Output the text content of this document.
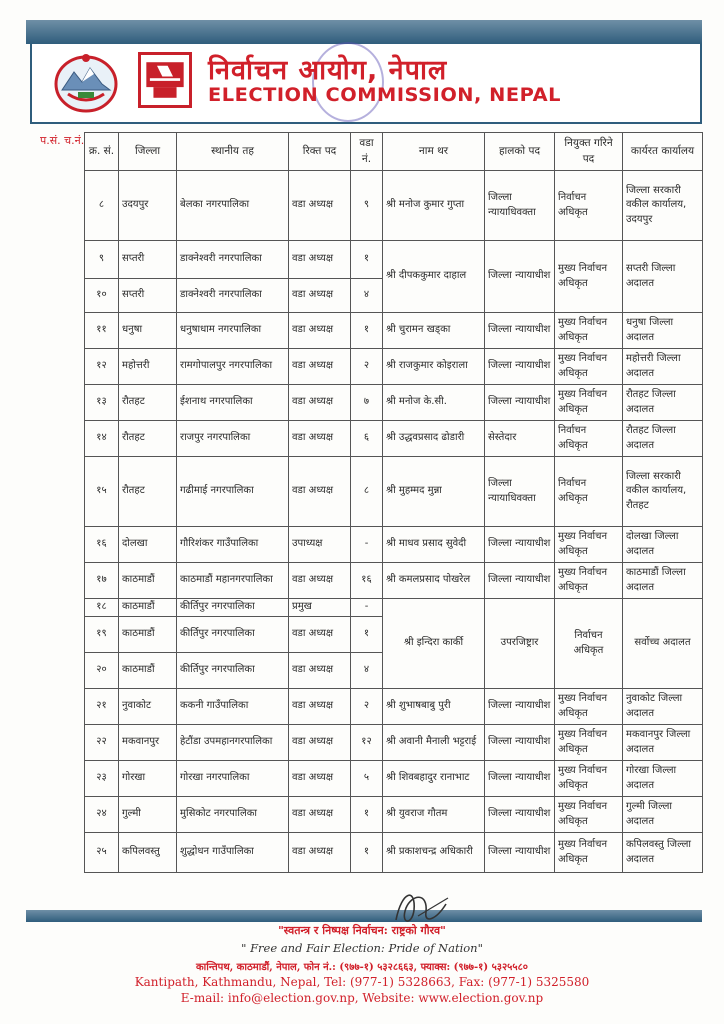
निर्वाचन आयोग, नेपाल
ELECTION COMMISSION, NEPAL
प.सं. च.नं.
क्र. सं.	जिल्ला	स्थानीय तह	रिक्त पद	वडा नं.	नाम थर	हालको पद	नियुक्त गरिने पद	कार्यरत कार्यालय
८	उदयपुर	बेलका नगरपालिका	वडा अध्यक्ष	९	श्री मनोज कुमार गुप्ता	जिल्ला न्यायाधिवक्ता	निर्वाचन अधिकृत	जिल्ला सरकारी वकील कार्यालय, उदयपुर
९	सप्तरी	डाक्नेश्वरी नगरपालिका	वडा अध्यक्ष	१	श्री दीपककुमार दाहाल	जिल्ला न्यायाधीश	मुख्य निर्वाचन अधिकृत	सप्तरी जिल्ला अदालत
१०	सप्तरी	डाक्नेश्वरी नगरपालिका	वडा अध्यक्ष	४				
११	धनुषा	धनुषाधाम नगरपालिका	वडा अध्यक्ष	१	श्री चुरामन खड्का	जिल्ला न्यायाधीश	मुख्य निर्वाचन अधिकृत	धनुषा जिल्ला अदालत
१२	महोत्तरी	रामगोपालपुर नगरपालिका	वडा अध्यक्ष	२	श्री राजकुमार कोइराला	जिल्ला न्यायाधीश	मुख्य निर्वाचन अधिकृत	महोत्तरी जिल्ला अदालत
१३	रौतहट	ईशनाथ नगरपालिका	वडा अध्यक्ष	७	श्री मनोज के.सी.	जिल्ला न्यायाधीश	मुख्य निर्वाचन अधिकृत	रौतहट जिल्ला अदालत
१४	रौतहट	राजपुर नगरपालिका	वडा अध्यक्ष	६	श्री उद्धवप्रसाद ढोडारी	सेस्तेदार	निर्वाचन अधिकृत	रौतहट जिल्ला अदालत
१५	रौतहट	गढीमाई नगरपालिका	वडा अध्यक्ष	८	श्री मुहम्मद मुन्ना	जिल्ला न्यायाधिवक्ता	निर्वाचन अधिकृत	जिल्ला सरकारी वकील कार्यालय, रौतहट
१६	दोलखा	गौरिशंकर गाउँपालिका	उपाध्यक्ष	-	श्री माधव प्रसाद सुवेदी	जिल्ला न्यायाधीश	मुख्य निर्वाचन अधिकृत	दोलखा जिल्ला अदालत
१७	काठमाडौं	काठमाडौं महानगरपालिका	वडा अध्यक्ष	१६	श्री कमलप्रसाद पोखरेल	जिल्ला न्यायाधीश	मुख्य निर्वाचन अधिकृत	काठमाडौं जिल्ला अदालत
१८	काठमाडौं	कीर्तिपुर नगरपालिका	प्रमुख	-	श्री इन्दिरा कार्की	उपरजिष्ट्रार	निर्वाचन अधिकृत	सर्वोच्च अदालत
१९	काठमाडौं	कीर्तिपुर नगरपालिका	वडा अध्यक्ष	१				
२०	काठमाडौं	कीर्तिपुर नगरपालिका	वडा अध्यक्ष	४				
२१	नुवाकोट	ककनी गाउँपालिका	वडा अध्यक्ष	२	श्री शुभाषबाबु पुरी	जिल्ला न्यायाधीश	मुख्य निर्वाचन अधिकृत	नुवाकोट जिल्ला अदालत
२२	मकवानपुर	हेटौंडा उपमहानगरपालिका	वडा अध्यक्ष	१२	श्री अवानी मैनाली भट्टराई	जिल्ला न्यायाधीश	मुख्य निर्वाचन अधिकृत	मकवानपुर जिल्ला अदालत
२३	गोरखा	गोरखा नगरपालिका	वडा अध्यक्ष	५	श्री शिवबहादुर रानाभाट	जिल्ला न्यायाधीश	मुख्य निर्वाचन अधिकृत	गोरखा जिल्ला अदालत
२४	गुल्मी	मुसिकोट नगरपालिका	वडा अध्यक्ष	१	श्री युवराज गौतम	जिल्ला न्यायाधीश	मुख्य निर्वाचन अधिकृत	गुल्मी जिल्ला अदालत
२५	कपिलवस्तु	शुद्धोधन गाउँपालिका	वडा अध्यक्ष	१	श्री प्रकाशचन्द्र अधिकारी	जिल्ला न्यायाधीश	मुख्य निर्वाचन अधिकृत	कपिलवस्तु जिल्ला अदालत
"स्वतन्त्र र निष्पक्ष निर्वाचन: राष्ट्रको गौरव"
" Free and Fair Election: Pride of Nation"
कान्तिपथ, काठमाडौं, नेपाल, फोन नं.: (९७७-१) ५३२८६६३, फ्याक्स: (९७७-१) ५३२५५८०
Kantipath, Kathmandu, Nepal, Tel: (977-1) 5328663, Fax: (977-1) 5325580
E-mail: info@election.gov.np, Website: www.election.gov.np
